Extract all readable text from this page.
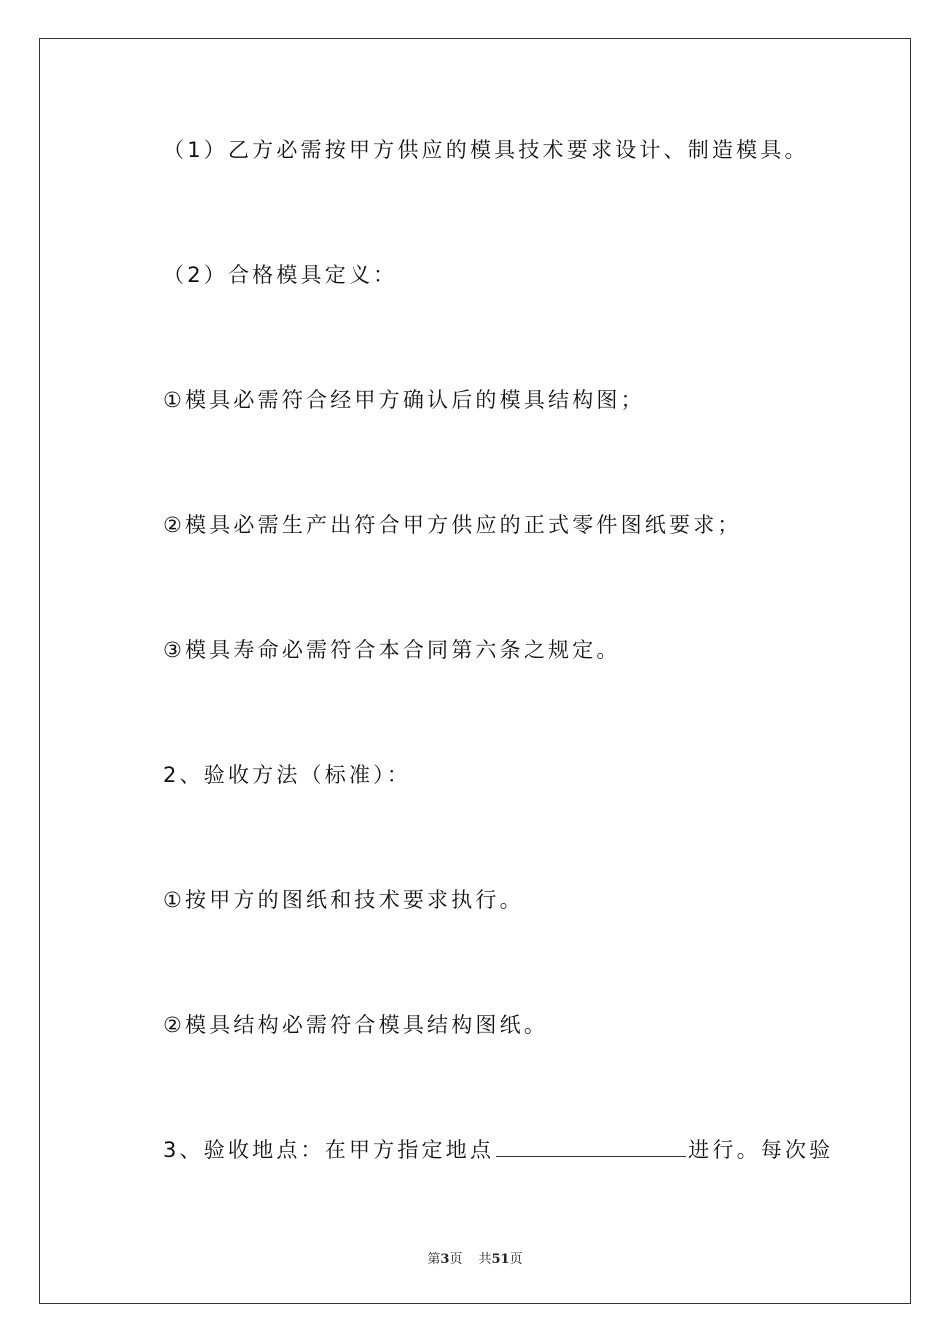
（1）乙方必需按甲方供应的模具技术要求设计、制造模具。
（2）合格模具定义：
①模具必需符合经甲方确认后的模具结构图；
②模具必需生产出符合甲方供应的正式零件图纸要求；
③模具寿命必需符合本合同第六条之规定。
2、验收方法（标准）：
①按甲方的图纸和技术要求执行。
②模具结构必需符合模具结构图纸。
3、验收地点：在甲方指定地点	进行。每次验
第3页 共51页
